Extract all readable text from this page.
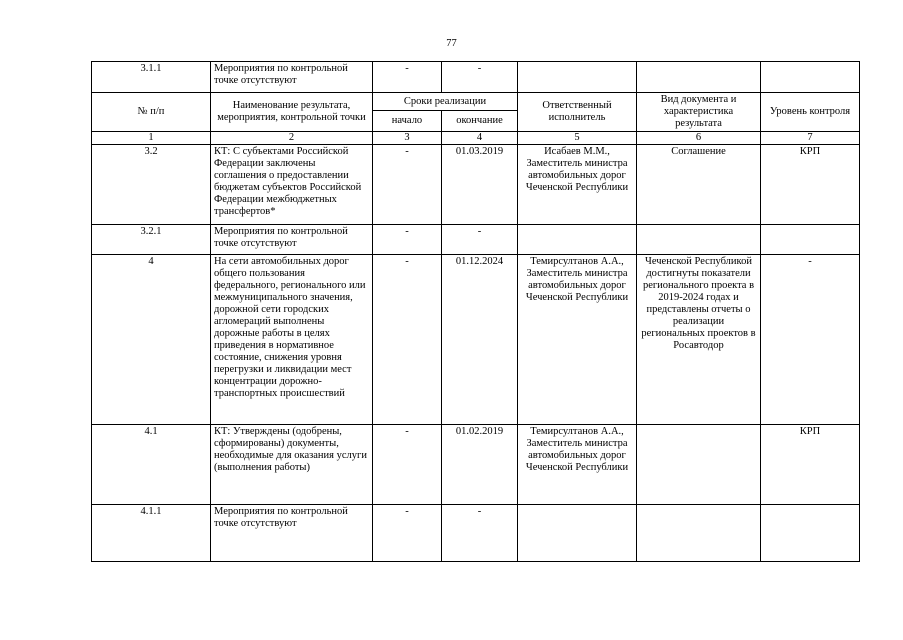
77
3.1.1	Мероприятия по контрольной точке отсутствуют	-	-			
№ п/п	Наименование результата, мероприятия, контрольной точки	Сроки реализации		Ответственный исполнитель	Вид документа и характеристика результата	Уровень контроля
		начало	окончание			
1	2	3	4	5	6	7
3.2	КТ: С субъектами Российской Федерации заключены соглашения о предоставлении бюджетам субъектов Российской Федерации межбюджетных трансфертов*	-	01.03.2019	Исабаев М.М., Заместитель министра автомобильных дорог Чеченской Республики	Соглашение	КРП
3.2.1	Мероприятия по контрольной точке отсутствуют	-	-			
4	На сети автомобильных дорог общего пользования федерального, регионального или межмуниципального значения, дорожной сети городских агломераций выполнены дорожные работы в целях приведения в нормативное состояние, снижения уровня перегрузки и ликвидации мест концентрации дорожно-транспортных происшествий	-	01.12.2024	Темирсултанов А.А., Заместитель министра автомобильных дорог Чеченской Республики	Чеченской Республикой достигнуты показатели регионального проекта в 2019-2024 годах и представлены отчеты о реализации региональных проектов в Росавтодор	-
4.1	КТ: Утверждены (одобрены, сформированы) документы, необходимые для оказания услуги (выполнения работы)	-	01.02.2019	Темирсултанов А.А., Заместитель министра автомобильных дорог Чеченской Республики		КРП
4.1.1	Мероприятия по контрольной точке отсутствуют	-	-			
